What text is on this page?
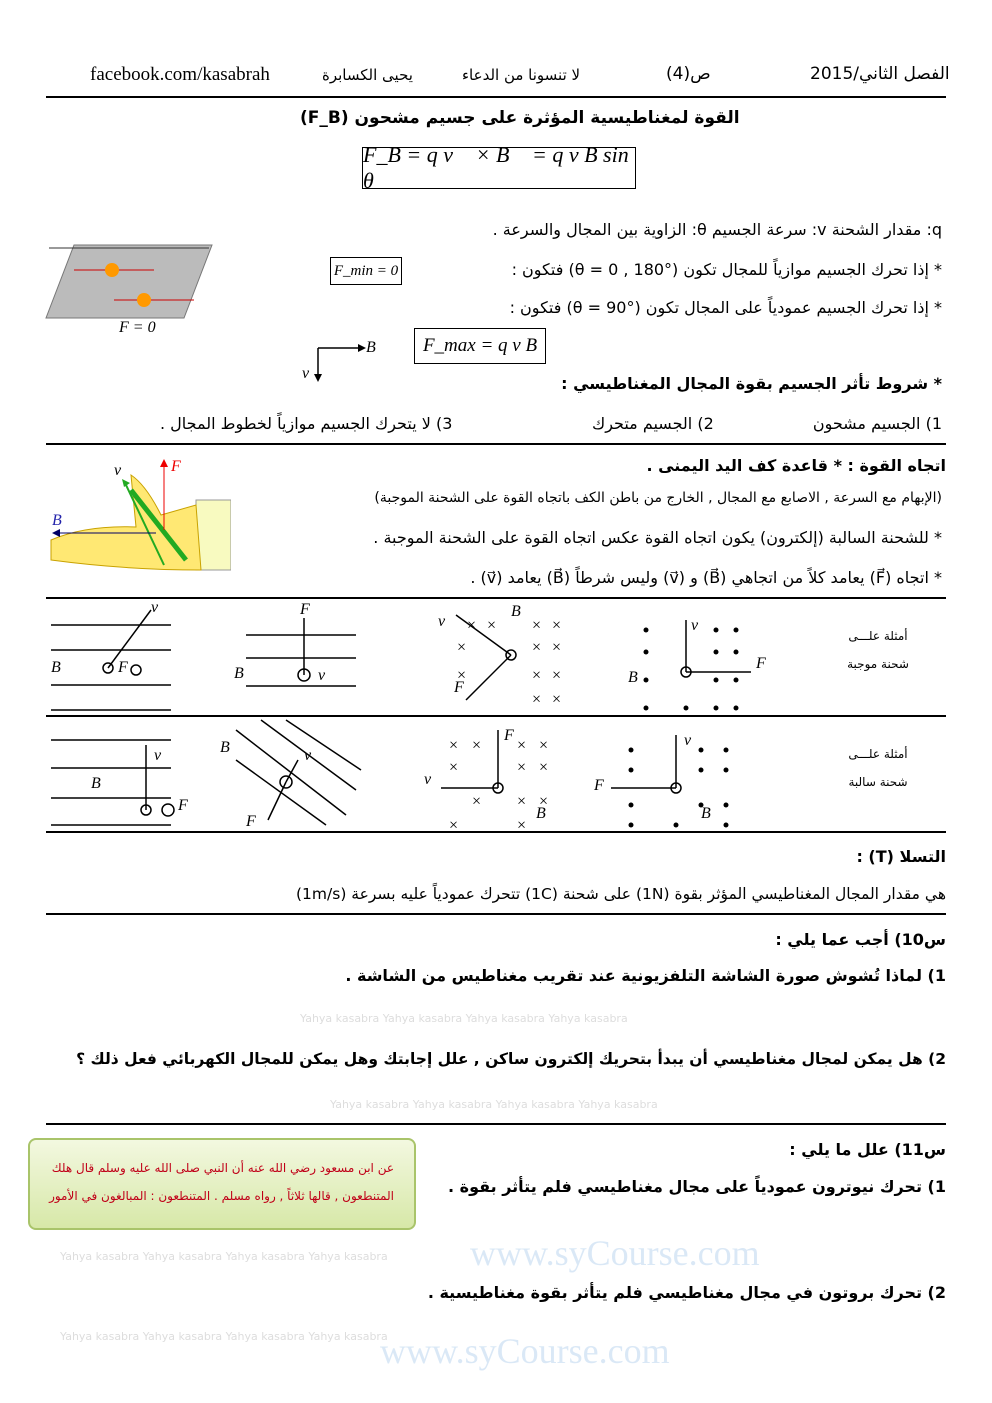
www.syCourse.com
www.syCourse.com
Yahya kasabra Yahya kasabra Yahya kasabra Yahya kasabra
Yahya kasabra Yahya kasabra Yahya kasabra Yahya kasabra
Yahya kasabra Yahya kasabra Yahya kasabra Yahya kasabra
Yahya kasabra Yahya kasabra Yahya kasabra Yahya kasabra
facebook.com/kasabrah	يحيى الكسابرة	لا تنسونا من الدعاء	ص(4)	الفصل الثاني/2015
القوة لمغناطيسية المؤثرة على جسيم مشحون (F_B)
F_B = q v⃗ × B⃗ = q v B sin θ
q: مقدار الشحنة v: سرعة الجسيم θ: الزاوية بين المجال والسرعة .
* إذا تحرك الجسيم موازياً للمجال تكون (θ = 0 , 180°) فتكون :
F_min = 0
* إذا تحرك الجسيم عمودياً على المجال تكون (θ = 90°) فتكون :
F_max = q v B
F = 0
B
v
* شروط تأثر الجسيم بقوة المجال المغناطيسي :
1) الجسيم مشحون
2) الجسيم متحرك
3) لا يتحرك الجسيم موازياً لخطوط المجال .
اتجاه القوة : * قاعدة كف اليد اليمنى .
(الإبهام مع السرعة , الاصابع مع المجال , الخارج من باطن الكف باتجاه القوة على الشحنة الموجبة)
* للشحنة السالبة (إلكترون) يكون اتجاه القوة عكس اتجاه القوة على الشحنة الموجبة .
* اتجاه (F⃗) يعامد كلاً من اتجاهي (B⃗) و (v⃗) وليس شرطاً (B⃗) يعامد (v⃗) .
v	F⃗
B⃗
× × × ×
×	× ×
×	× ×
× ×
× × × ×
×	× ×
× × ×
×	×
B	F
v
B
F
v
v
B
F
v
F
B
B
v
F
B
F
v
F
v
B
v
F
B
أمثلة علـــى
شحنة موجبة
أمثلة علـــى
شحنة سالبة
التسلا (T) :
هي مقدار المجال المغناطيسي المؤثر بقوة (1N) على شحنة (1C) تتحرك عمودياً عليه بسرعة (1m/s)
س10) أجب عما يلي :
1) لماذا تُشوش صورة الشاشة التلفزيونية عند تقريب مغناطيس من الشاشة .
2) هل يمكن لمجال مغناطيسي أن يبدأ بتحريك إلكترون ساكن , علل إجابتك وهل يمكن للمجال الكهربائي فعل ذلك ؟
س11) علل ما يلي :
1) تحرك نيوترون عمودياً على مجال مغناطيسي فلم يتأثر بقوة .
2) تحرك بروتون في مجال مغناطيسي فلم يتأثر بقوة مغناطيسية .
عن ابن مسعود رضي الله عنه أن النبي صلى الله عليه وسلم قال هلك
المتنطعون , قالها ثلاثاً , رواه مسلم . المتنطعون : المبالغون في الأمور
